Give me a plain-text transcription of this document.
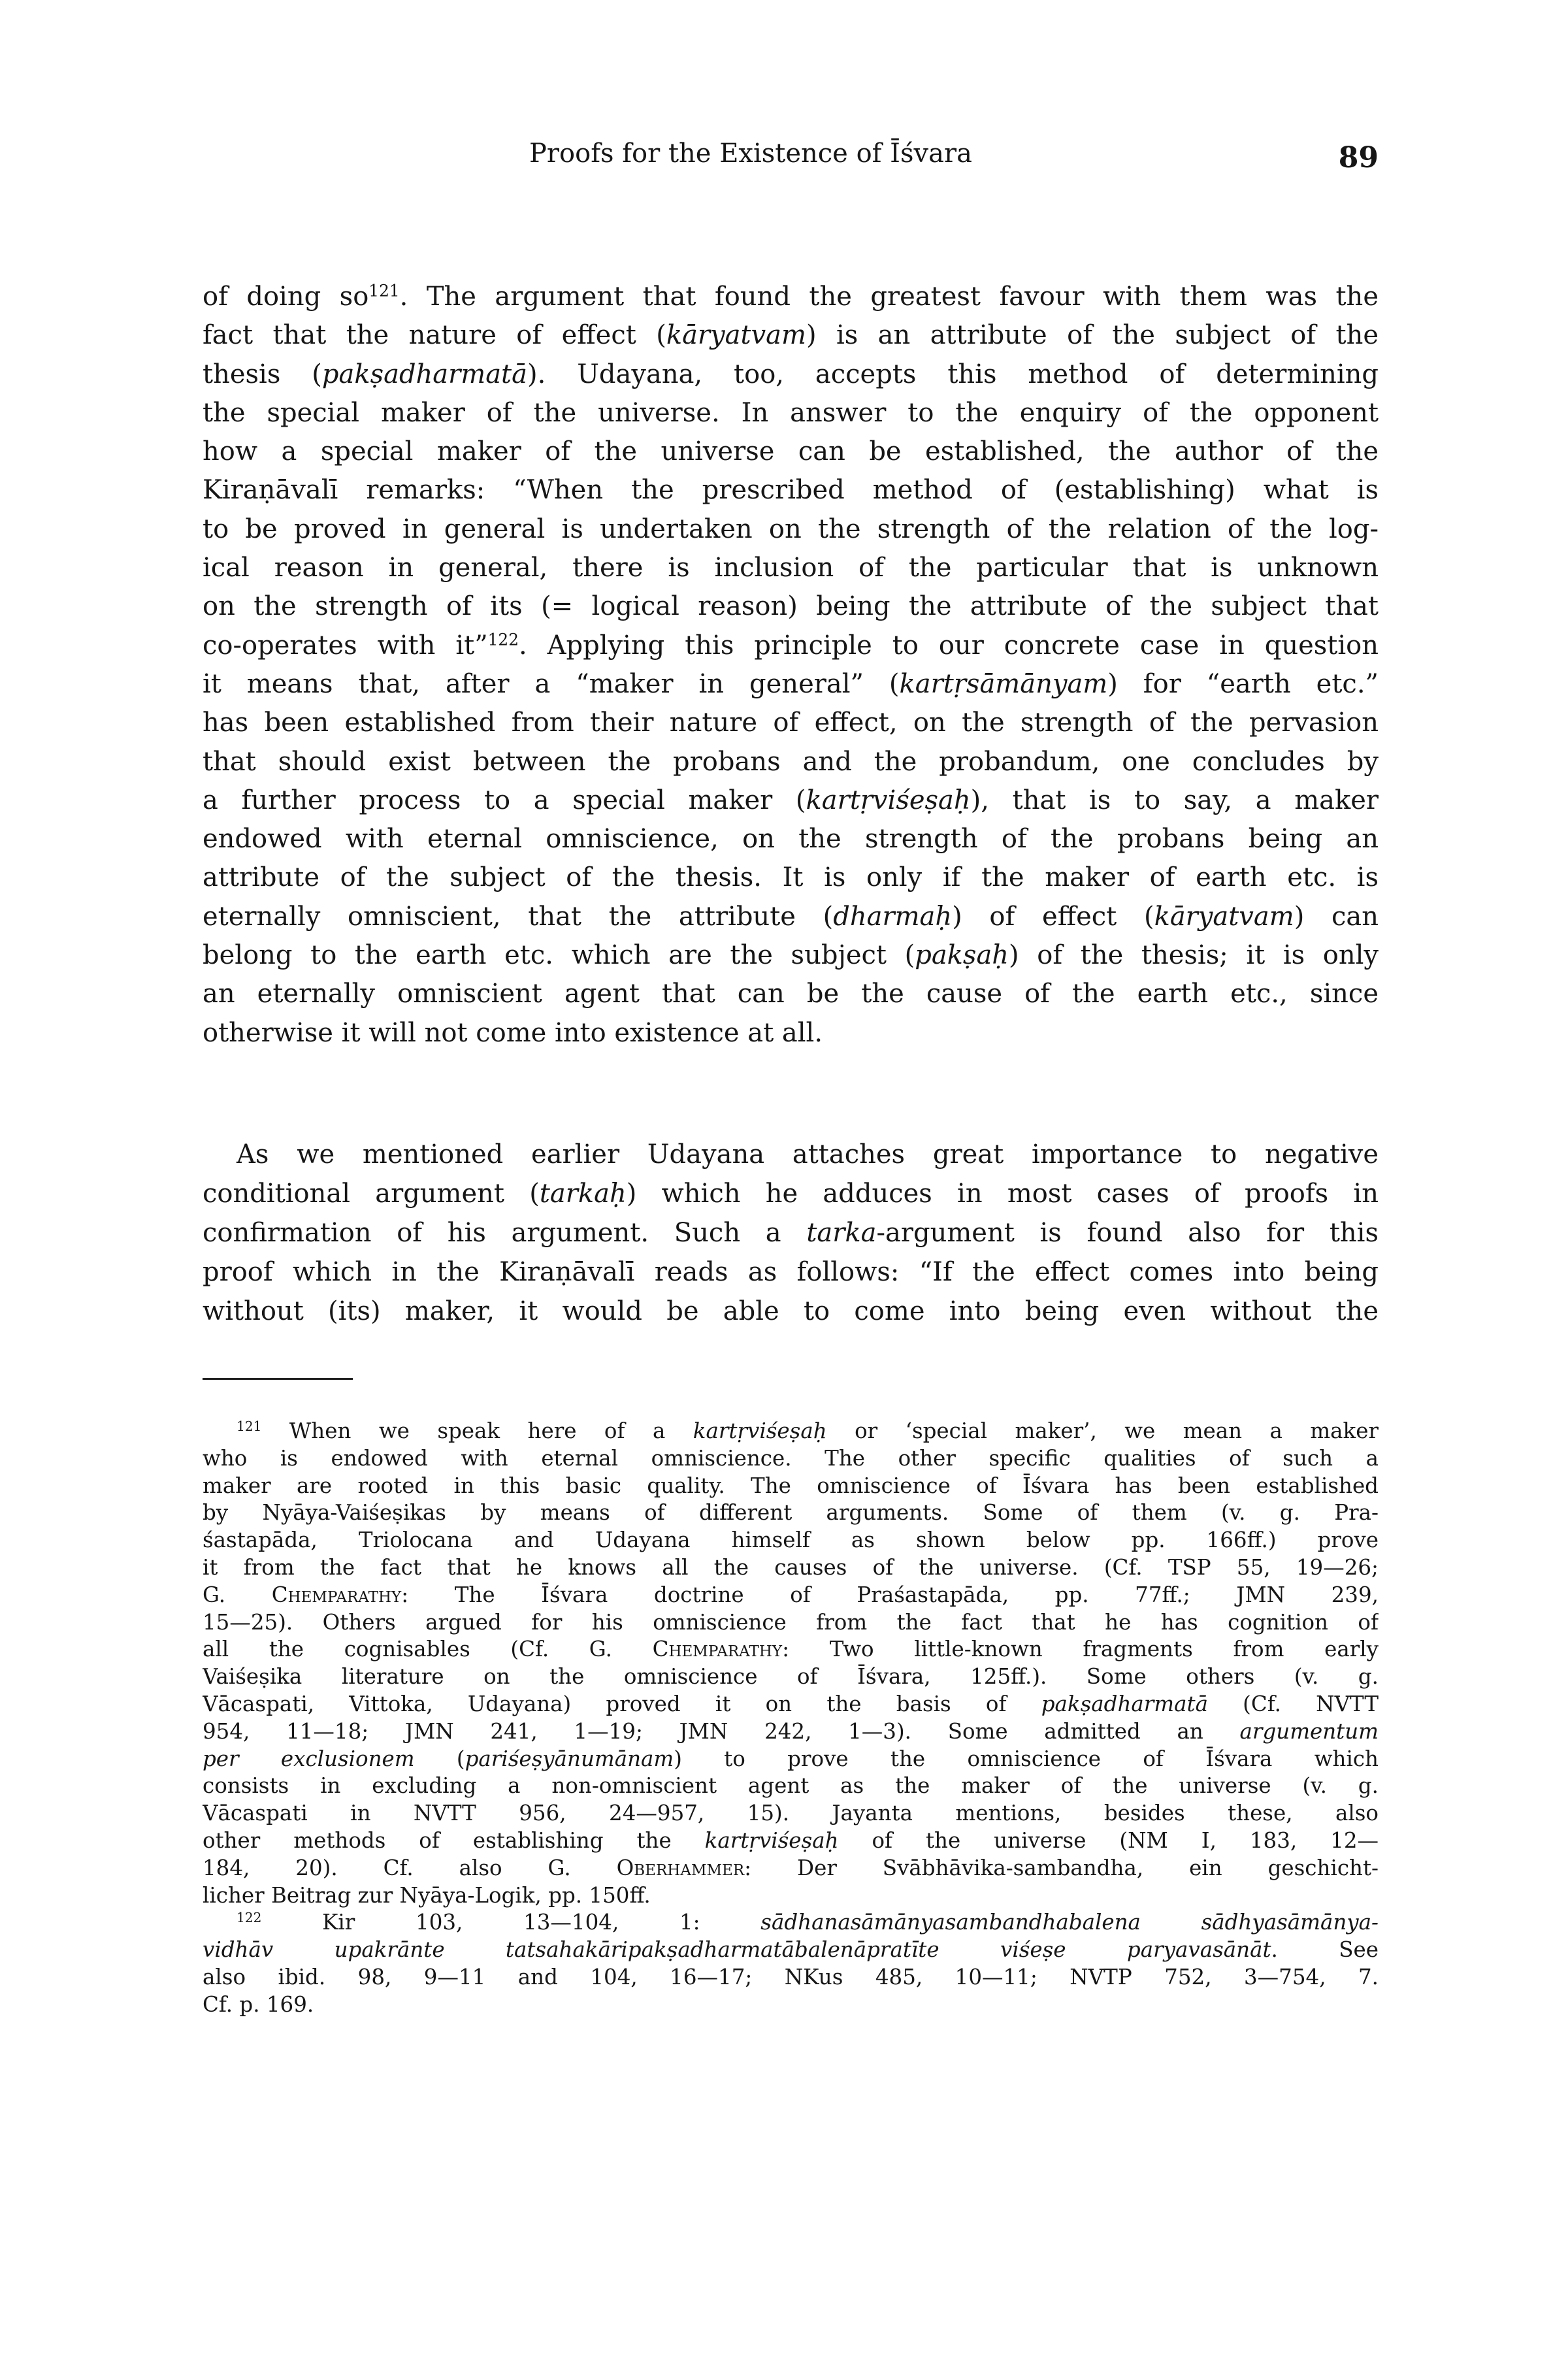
Proofs for the Existence of Īśvara	89
of doing $so^{121}$. The argument that found the greatest favour with them was the
fact that the nature of effect (kāryatvam) is an attribute of the subject of the
thesis (pakṣadharmatā). Udayana, too, accepts this method of determining
the special maker of the universe. In answer to the enquiry of the opponent
how a special maker of the universe can be established, the author of the
Kiraṇāvalī remarks: “When the prescribed method of (establishing) what is
to be proved in general is undertaken on the strength of the relation of the log-
ical reason in general, there is inclusion of the particular that is unknown
on the strength of its (= logical reason) being the attribute of the subject that
co-operates with it”$^{122}$. Applying this principle to our concrete case in question
it means that, after a “maker in general” (kartṛsāmānyam) for “earth etc.”
has been established from their nature of effect, on the strength of the pervasion
that should exist between the probans and the probandum, one concludes by
a further process to a special maker (kartṛviśeṣaḥ), that is to say, a maker
endowed with eternal omniscience, on the strength of the probans being an
attribute of the subject of the thesis. It is only if the maker of earth etc. is
eternally omniscient, that the attribute (dharmaḥ) of effect (kāryatvam) can
belong to the earth etc. which are the subject (pakṣaḥ) of the thesis; it is only
an eternally omniscient agent that can be the cause of the earth etc., since
otherwise it will not come into existence at all.
As we mentioned earlier Udayana attaches great importance to negative
conditional argument (tarkaḥ) which he adduces in most cases of proofs in
confirmation of his argument. Such a tarka-argument is found also for this
proof which in the Kiraṇāvalī reads as follows: “If the effect comes into being
without (its) maker, it would be able to come into being even without the
$^{121}$ When we speak here of a kartṛviśeṣaḥ or ‘special maker’, we mean a maker
who is endowed with eternal omniscience. The other specific qualities of such a
maker are rooted in this basic quality. The omniscience of Īśvara has been established
by Nyāya-Vaiśeṣikas by means of different arguments. Some of them (v. g. Pra-
śastapāda, Triolocana and Udayana himself as shown below pp. 166ff.) prove
it from the fact that he knows all the causes of the universe. (Cf. TSP 55, 19—26;
G. Chemparathy: The Īśvara doctrine of Praśastapāda, pp. 77ff.; JMN 239,
15—25). Others argued for his omniscience from the fact that he has cognition of
all the cognisables (Cf. G. Chemparathy: Two little-known fragments from early
Vaiśeṣika literature on the omniscience of Īśvara, 125ff.). Some others (v. g.
Vācaspati, Vittoka, Udayana) proved it on the basis of pakṣadharmatā (Cf. NVTT
954, 11—18; JMN 241, 1—19; JMN 242, 1—3). Some admitted an argumentum
per exclusionem (pariśeṣyānumānam) to prove the omniscience of Īśvara which
consists in excluding a non-omniscient agent as the maker of the universe (v. g.
Vācaspati in NVTT 956, 24—957, 15). Jayanta mentions, besides these, also
other methods of establishing the kartṛviśeṣaḥ of the universe (NM I, 183, 12—
184, 20). Cf. also G. Oberhammer: Der Svābhāvika-sambandha, ein geschicht-
licher Beitrag zur Nyāya-Logik, pp. 150ff.
$^{122}$ Kir 103, 13—104, 1: sādhanasāmānyasambandhabalena sādhyasāmānya-
vidhāv upakrānte tatsahakāripakṣadharmatābalenāpratīte viśeṣe paryavasānāt. See
also ibid. 98, 9—11 and 104, 16—17; NKus 485, 10—11; NVTP 752, 3—754, 7.
Cf. p. 169.
